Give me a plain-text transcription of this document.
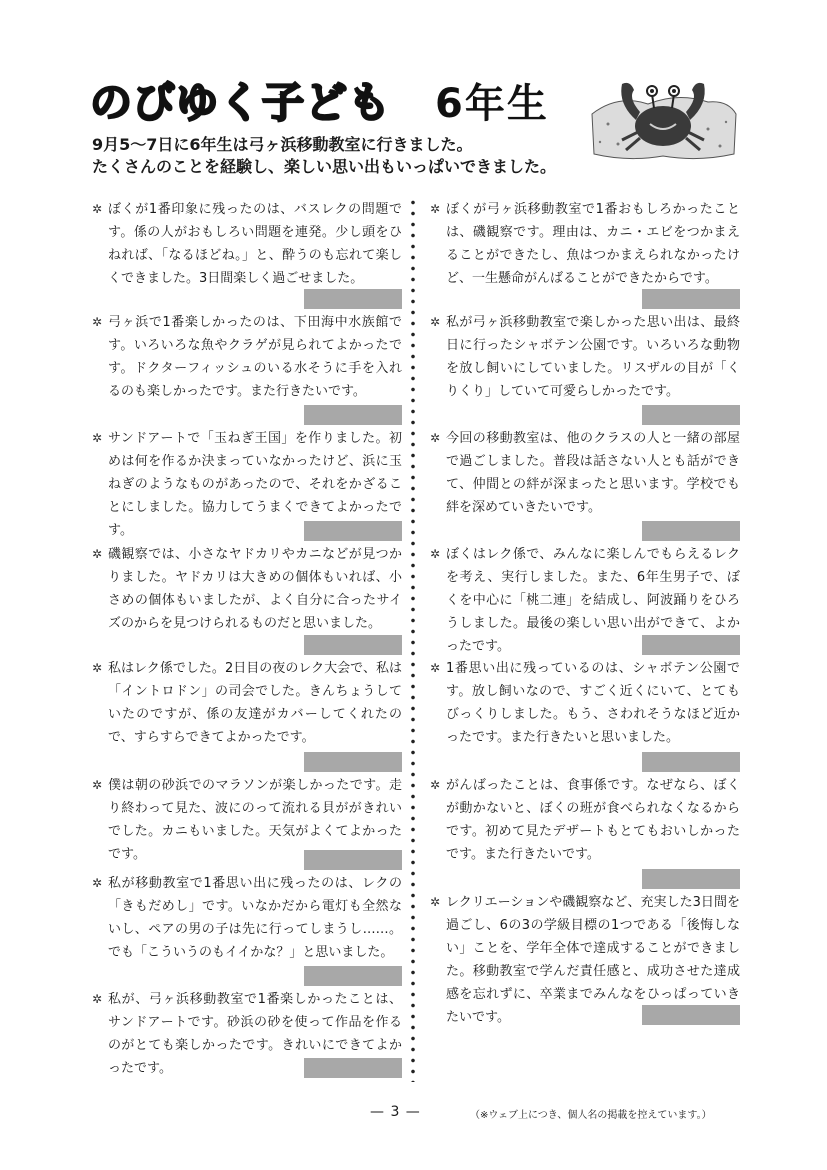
のびゆく子ども 6年生
9月5～7日に6年生は弓ヶ浜移動教室に行きました。
たくさんのことを経験し、楽しい思い出もいっぱいできました。
✲ ぼくが1番印象に残ったのは、バスレクの問題です。係の人がおもしろい問題を連発。少し頭をひねれば、「なるほどね。」と、酔うのも忘れて楽しくできました。3日間楽しく過ごせました。

✲ 弓ヶ浜で1番楽しかったのは、下田海中水族館です。いろいろな魚やクラゲが見られてよかったです。ドクターフィッシュのいる水そうに手を入れるのも楽しかったです。また行きたいです。

✲ サンドアートで「玉ねぎ王国」を作りました。初めは何を作るか決まっていなかったけど、浜に玉ねぎのようなものがあったので、それをかざることにしました。協力してうまくできてよかったです。

✲ 磯観察では、小さなヤドカリやカニなどが見つかりました。ヤドカリは大きめの個体もいれば、小さめの個体もいましたが、よく自分に合ったサイズのからを見つけられるものだと思いました。

✲ 私はレク係でした。2日目の夜のレク大会で、私は「イントロドン」の司会でした。きんちょうしていたのですが、係の友達がカバーしてくれたので、すらすらできてよかったです。

✲ 僕は朝の砂浜でのマラソンが楽しかったです。走り終わって見た、波にのって流れる貝ががきれいでした。カニもいました。天気がよくてよかったです。

✲ 私が移動教室で1番思い出に残ったのは、レクの「きもだめし」です。いなかだから電灯も全然ないし、ペアの男の子は先に行ってしまうし……。でも「こういうのもイイかな？」と思いました。

✲ 私が、弓ヶ浜移動教室で1番楽しかったことは、サンドアートです。砂浜の砂を使って作品を作るのがとても楽しかったです。きれいにできてよかったです。

✲ ぼくが弓ヶ浜移動教室で1番おもしろかったことは、磯観察です。理由は、カニ・エビをつかまえることができたし、魚はつかまえられなかったけど、一生懸命がんばることができたからです。

✲ 私が弓ヶ浜移動教室で楽しかった思い出は、最終日に行ったシャボテン公園です。いろいろな動物を放し飼いにしていました。リスザルの目が「くりくり」していて可愛らしかったです。

✲ 今回の移動教室は、他のクラスの人と一緒の部屋で過ごしました。普段は話さない人とも話ができて、仲間との絆が深まったと思います。学校でも絆を深めていきたいです。

✲ ぼくはレク係で、みんなに楽しんでもらえるレクを考え、実行しました。また、6年生男子で、ぼくを中心に「桃二連」を結成し、阿波踊りをひろうしました。最後の楽しい思い出ができて、よかったです。

✲ 1番思い出に残っているのは、シャボテン公園です。放し飼いなので、すごく近くにいて、とてもびっくりしました。もう、さわれそうなほど近かったです。また行きたいと思いました。

✲ がんばったことは、食事係です。なぜなら、ぼくが動かないと、ぼくの班が食べられなくなるからです。初めて見たデザートもとてもおいしかったです。また行きたいです。

✲ レクリエーションや磯観察など、充実した3日間を過ごし、6の3の学級目標の1つである「後悔しない」ことを、学年全体で達成することができました。移動教室で学んだ責任感と、成功させた達成感を忘れずに、卒業までみんなをひっぱっていきたいです。

— 3 —	（※ウェブ上につき、個人名の掲載を控えています。）
